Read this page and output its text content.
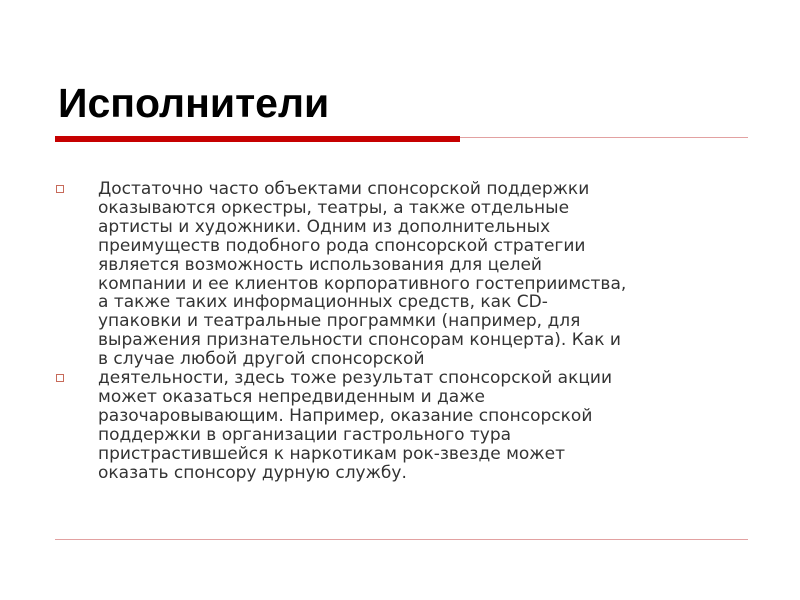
Исполнители
Достаточно часто объектами спонсорской поддержки
оказываются оркестры, театры, а также отдельные
артисты и художники. Одним из дополнительных
преимуществ подобного рода спонсорской стратегии
является возможность использования для целей
компании и ее клиентов корпоративного гостеприимства,
а также таких информационных средств, как CD-
упаковки и театральные программки (например, для
выражения признательности спонсорам концерта). Как и
в случае любой другой спонсорской
деятельности, здесь тоже результат спонсорской акции
может оказаться непредвиденным и даже
разочаровывающим. Например, оказание спонсорской
поддержки в организации гастрольного тура
пристрастившейся к наркотикам рок-звезде может
оказать спонсору дурную службу.
